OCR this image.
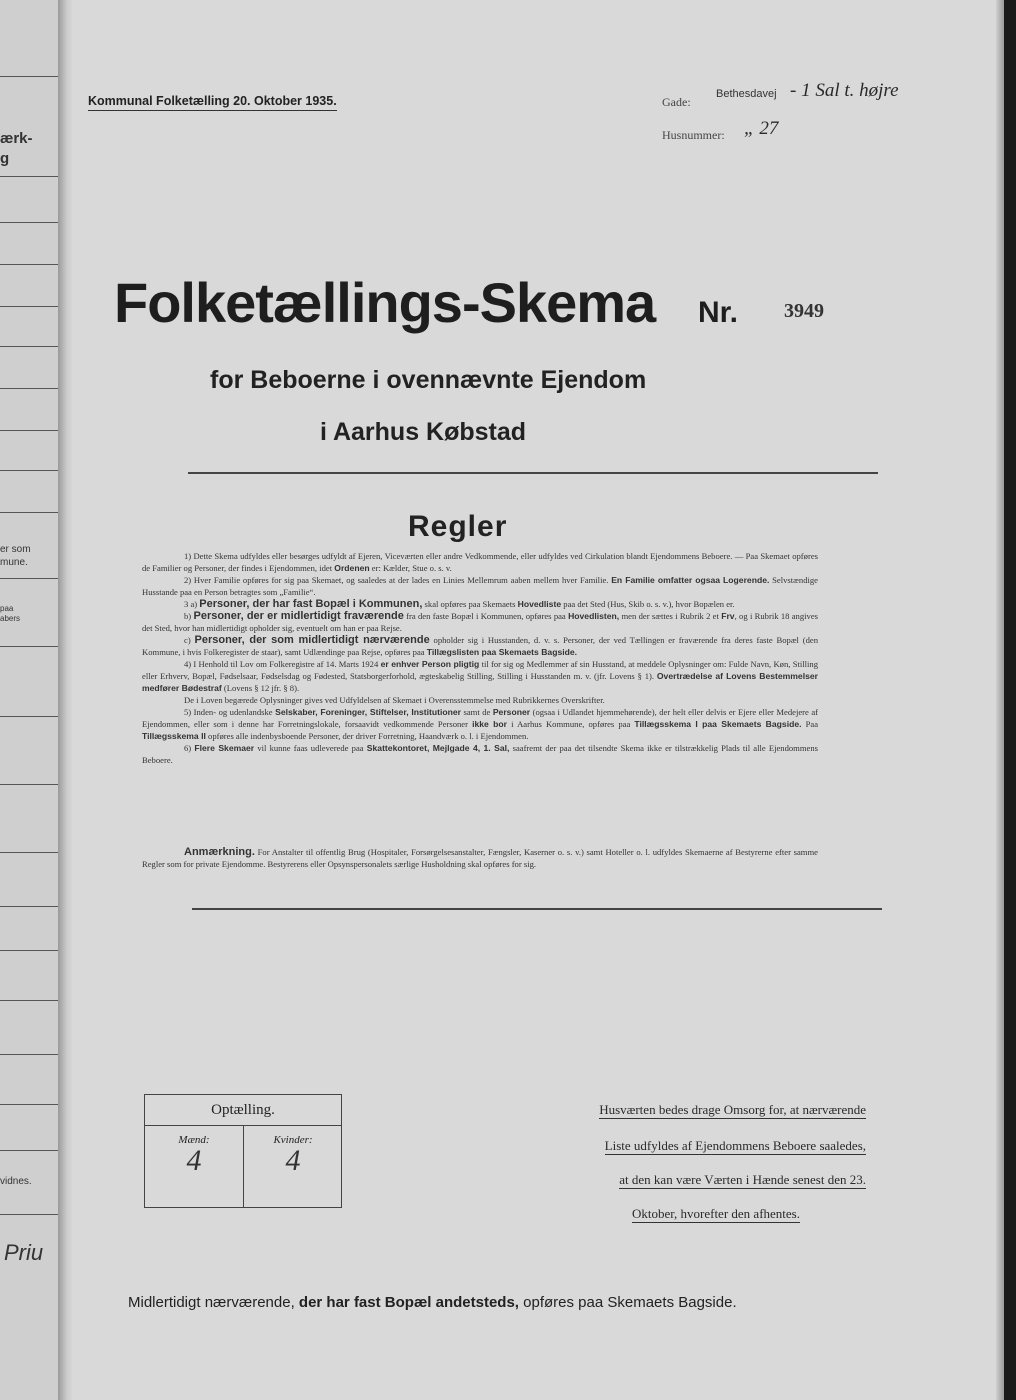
ærk-
g
er som
mune.
paa
abers
vidnes.
Priu
Kommunal Folketælling 20. Oktober 1935.	Gade:
Bethesdavej - 1 Sal t. højre
Husnummer: „ 27
Folketællings-Skema Nr. 3949
for Beboerne i ovennævnte Ejendom
i Aarhus Købstad
Regler

1) Dette Skema udfyldes eller besørges udfyldt af Ejeren, Viceværten eller andre Vedkommende, eller udfyldes ved Cirkulation blandt Ejendommens Beboere. — Paa Skemaet opføres de Familier og Personer, der findes i Ejendommen, idet Ordenen er: Kælder, Stue o. s. v.

2) Hver Familie opføres for sig paa Skemaet, og saaledes at der lades en Linies Mellemrum aaben mellem hver Familie. En Familie omfatter ogsaa Logerende. Selvstændige Husstande paa en Person betragtes som „Familie“.

3 a) Personer, der har fast Bopæl i Kommunen, skal opføres paa Skemaets Hovedliste paa det Sted (Hus, Skib o. s. v.), hvor Bopælen er.

b) Personer, der er midlertidigt fraværende fra den faste Bopæl i Kommunen, opføres paa Hovedlisten, men der sættes i Rubrik 2 et Frv, og i Rubrik 18 angives det Sted, hvor han midlertidigt opholder sig, eventuelt om han er paa Rejse.

c) Personer, der som midlertidigt nærværende opholder sig i Husstanden, d. v. s. Personer, der ved Tællingen er fraværende fra deres faste Bopæl (den Kommune, i hvis Folkeregister de staar), samt Udlændinge paa Rejse, opføres paa Tillægslisten paa Skemaets Bagside.

4) I Henhold til Lov om Folkeregistre af 14. Marts 1924 er enhver Person pligtig til for sig og Medlemmer af sin Husstand, at meddele Oplysninger om: Fulde Navn, Køn, Stilling eller Erhverv, Bopæl, Fødselsaar, Fødselsdag og Fødested, Statsborgerforhold, ægteskabelig Stilling, Stilling i Husstanden m. v. (jfr. Lovens § 1). Overtrædelse af Lovens Bestemmelser medfører Bødestraf (Lovens § 12 jfr. § 8).

De i Loven begærede Oplysninger gives ved Udfyldelsen af Skemaet i Overensstemmelse med Rubrikkernes Overskrifter.

5) Inden- og udenlandske Selskaber, Foreninger, Stiftelser, Institutioner samt de Personer (ogsaa i Udlandet hjemmehørende), der helt eller delvis er Ejere eller Medejere af Ejendommen, eller som i denne har Forretningslokale, forsaavidt vedkommende Personer ikke bor i Aarhus Kommune, opføres paa Tillægsskema I paa Skemaets Bagside. Paa Tillægsskema II opføres alle indenbysboende Personer, der driver Forretning, Haandværk o. l. i Ejendommen.

6) Flere Skemaer vil kunne faas udleverede paa Skattekontoret, Mejlgade 4, 1. Sal, saafremt der paa det tilsendte Skema ikke er tilstrækkelig Plads til alle Ejendommens Beboere.

Anmærkning. For Anstalter til offentlig Brug (Hospitaler, Forsørgelsesanstalter, Fængsler, Kaserner o. s. v.) samt Hoteller o. l. udfyldes Skemaerne af Bestyrerne efter samme Regler som for private Ejendomme. Bestyrerens eller Opsynspersonalets særlige Husholdning skal opføres for sig.

Optælling.
Mænd:
4
Kvinder:
4
Husværten bedes drage Omsorg for, at nærværende
Liste udfyldes af Ejendommens Beboere saaledes,
at den kan være Værten i Hænde senest den 23.
Oktober, hvorefter den afhentes.
Midlertidigt nærværende, der har fast Bopæl andetsteds, opføres paa Skemaets Bagside.
